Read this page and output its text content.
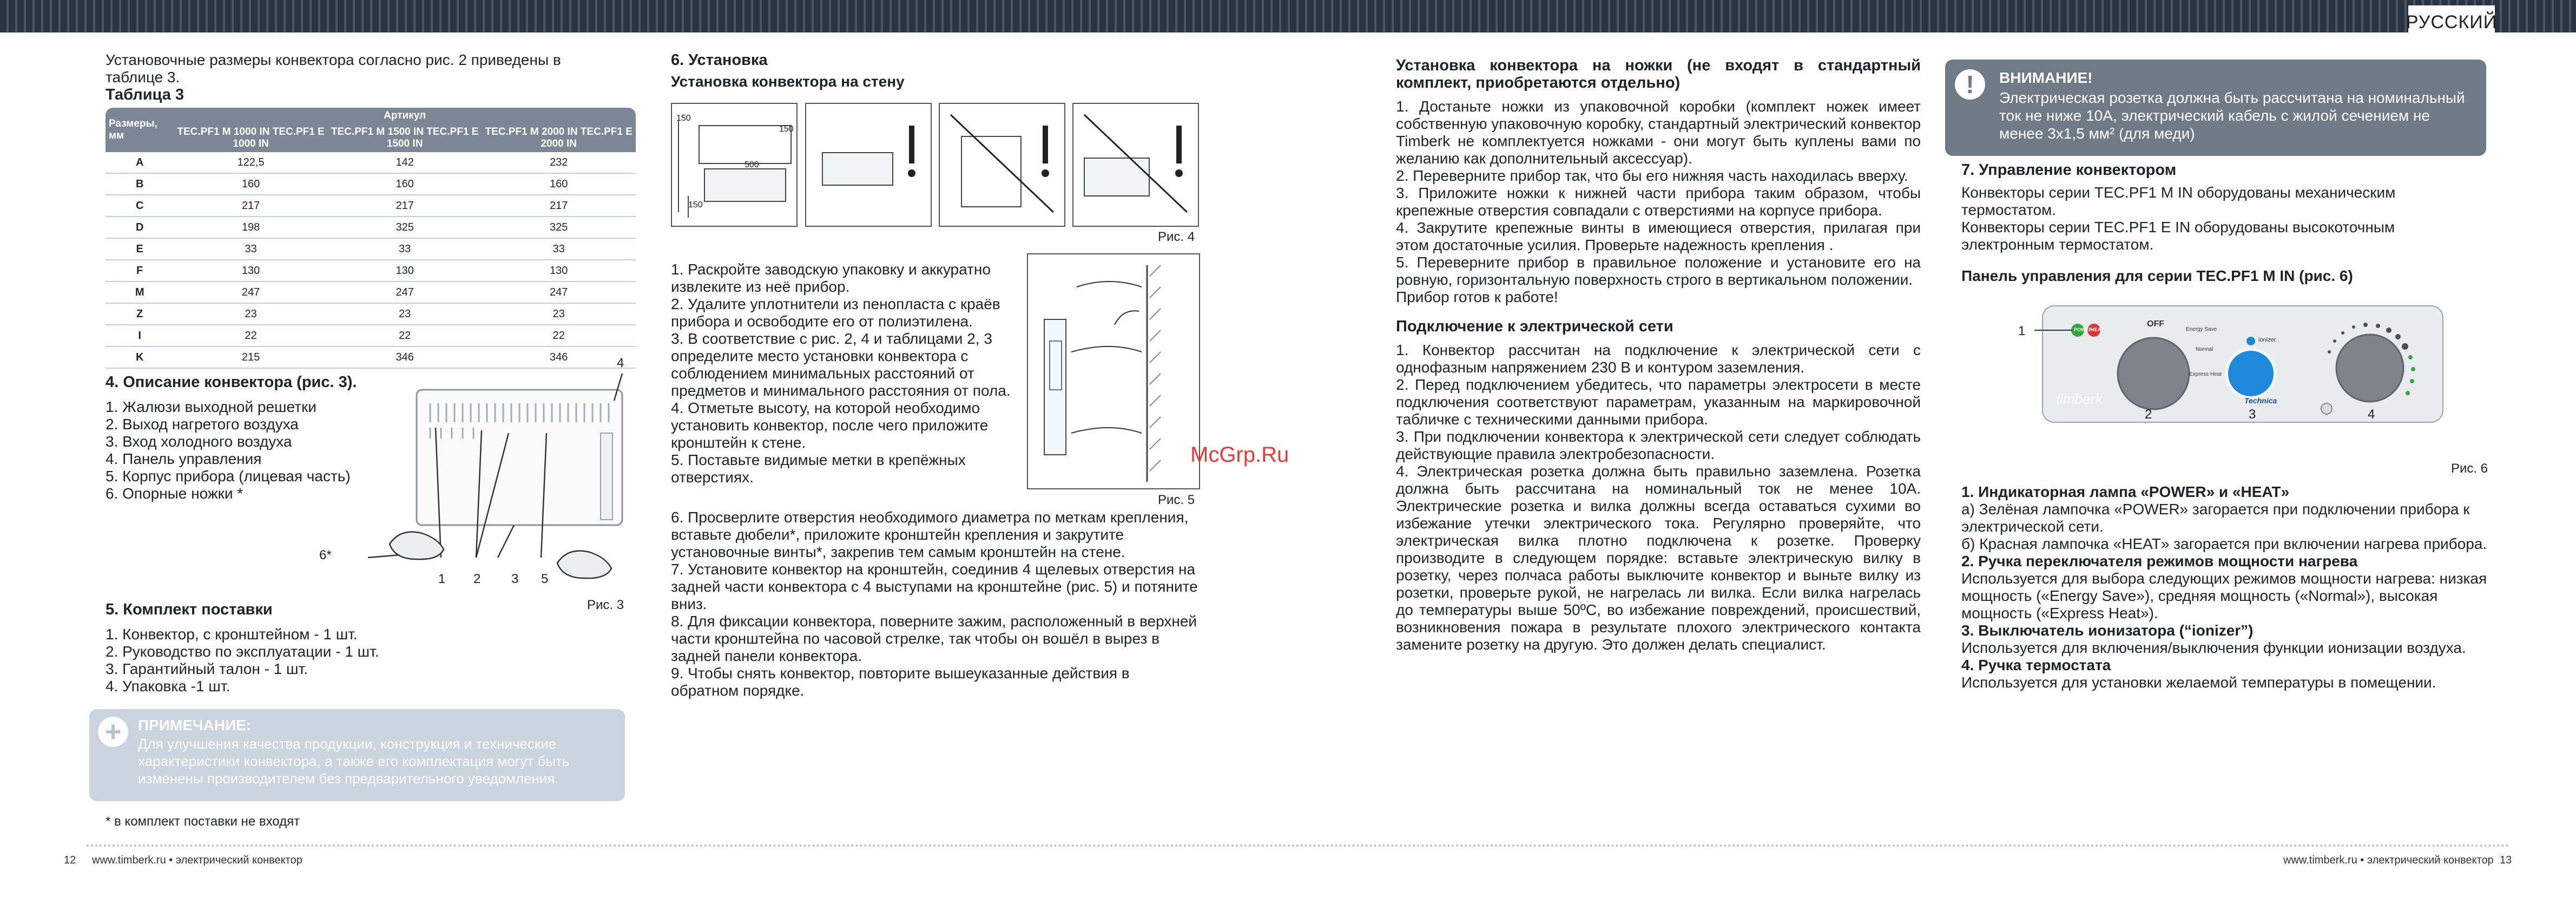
РУССКИЙ

Установочные размеры конвектора согласно рис. 2 приведены в таблице 3.

Таблица 3

Размеры, мм	Артикул		
	TEC.PF1 M 1000 IN TEC.PF1 E 1000 IN	TEC.PF1 M 1500 IN TEC.PF1 E 1500 IN	TEC.PF1 M 2000 IN TEC.PF1 E 2000 IN
A	122,5	142	232
B	160	160	160
C	217	217	217
D	198	325	325
E	33	33	33
F	130	130	130
M	247	247	247
Z	23	23	23
I	22	22	22
K	215	346	346

4. Описание конвектора (рис. 3).

1. Жалюзи выходной решетки

2. Выход нагретого воздуха

3. Вход холодного воздуха

4. Панель управления

5. Корпус прибора (лицевая часть)

6. Опорные ножки *

4
6*
1 2 3 5
Рис. 3

5. Комплект поставки

1. Конвектор, с кронштейном - 1 шт.

2. Руководство по эксплуатации - 1 шт.

3. Гарантийный талон - 1 шт.

4. Упаковка -1 шт.

+	ПРИМЕЧАНИЕ:
Для улучшения качества продукции, конструкция и технические характеристики конвектора, а также его комплектация могут быть изменены производителем без предварительного уведомления.
* в комплект поставки не входят

6. Установка

Установка конвектора на стену

150
150
500
150
Рис. 4
Рис. 5

1. Раскройте заводскую упаковку и аккуратно извлеките из неё прибор.

2. Удалите уплотнители из пенопласта с краёв прибора и освободите его от полиэтилена.

3. В соответствие с рис. 2, 4 и таблицами 2, 3 определите место установки конвектора с соблюдением минимальных расстояний от предметов и минимального расстояния от пола.

4. Отметьте высоту, на которой необходимо установить конвектор, после чего приложите кронштейн к стене.

5. Поставьте видимые метки в крепёжных отверстиях.

6. Просверлите отверстия необходимого диаметра по меткам крепления, вставьте дюбели*, приложите кронштейн крепления и закрутите установочные винты*, закрепив тем самым кронштейн на стене.

7. Установите конвектор на кронштейн, соединив 4 щелевых отверстия на задней части конвектора с 4 выступами на кронштейне (рис. 5) и потяните вниз.

8. Для фиксации конвектора, поверните зажим, расположенный в верхней части кронштейна по часовой стрелке, так чтобы он вошёл в вырез в задней панели конвектора.

9. Чтобы снять конвектор, повторите вышеуказанные действия в обратном порядке.

McGrp.Ru

Установка конвектора на ножки (не входят в стандартный комплект, приобретаются отдельно)

1. Достаньте ножки из упаковочной коробки (комплект ножек имеет собственную упаковочную коробку, стандартный электрический конвектор Timberk не комплектуется ножками - они могут быть куплены вами по желанию как дополнительный аксессуар).

2. Переверните прибор так, что бы его нижняя часть находилась вверху.

3. Приложите ножки к нижней части прибора таким образом, чтобы крепежные отверстия совпадали с отверстиями на корпусе прибора.

4. Закрутите крепежные винты в имеющиеся отверстия, прилагая при этом достаточные усилия. Проверьте надежность крепления .

5. Переверните прибор в правильное положение и установите его на ровную, горизонтальную поверхность строго в вертикальном положении.

Прибор готов к работе!

Подключение к электрической сети

1. Конвектор рассчитан на подключение к электрической сети с однофазным напряжением 230 В и контуром заземления.

2. Перед подключением убедитесь, что параметры электросети в месте подключения соответствуют параметрам, указанным на маркировочной табличке с техническими данными прибора.

3. При подключении конвектора к электрической сети следует соблюдать действующие правила электробезопасности.

4. Электрическая розетка должна быть правильно заземлена. Розетка должна быть рассчитана на номинальный ток не менее 10А. Электрические розетка и вилка должны всегда оставаться сухими во избежание утечки электрического тока. Регулярно проверяйте, что электрическая вилка плотно подключена к розетке. Проверку производите в следующем порядке: вставьте электрическую вилку в розетку, через полчаса работы выключите конвектор и выньте вилку из розетки, проверьте рукой, не нагрелась ли вилка. Если вилка нагрелась до температуры выше 50ºС, во избежание повреждений, происшествий, возникновения пожара в результате плохого электрического контакта замените розетку на другую. Это должен делать специалист.

!	ВНИМАНИЕ!
Электрическая розетка должна быть рассчитана на номинальный ток не ниже 10А, электрический кабель с жилой сечением не менее 3х1,5 мм² (для меди)

7. Управление конвектором

Конвекторы серии TEC.PF1 M IN оборудованы механическим термостатом.

Конвекторы серии TEC.PF1 E IN оборудованы высокоточным электронным термостатом.

Панель управления для серии TEC.PF1 M IN (рис. 6)

1
2	3	4
POWER
HEAT
OFF
Energy Save
Normal
Express Heat
ionizer
timberk	Technica
Рис. 6

1. Индикаторная лампа «POWER» и «HEAT»

а) Зелёная лампочка «POWER» загорается при подключении прибора к электрической сети.

б) Красная лампочка «HEAT» загорается при включении нагрева прибора.

2. Ручка переключателя режимов мощности нагрева

Используется для выбора следующих режимов мощности нагрева: низкая мощность («Energy Save»), средняя мощность («Normal»), высокая мощность («Express Heat»).

3. Выключатель ионизатора (“ionizer”)

Используется для включения/выключения функции ионизации воздуха.

4. Ручка термостата

Используется для установки желаемой температуры в помещении.

12 www.timberk.ru • электрический конвектор	www.timberk.ru • электрический конвектор 13
